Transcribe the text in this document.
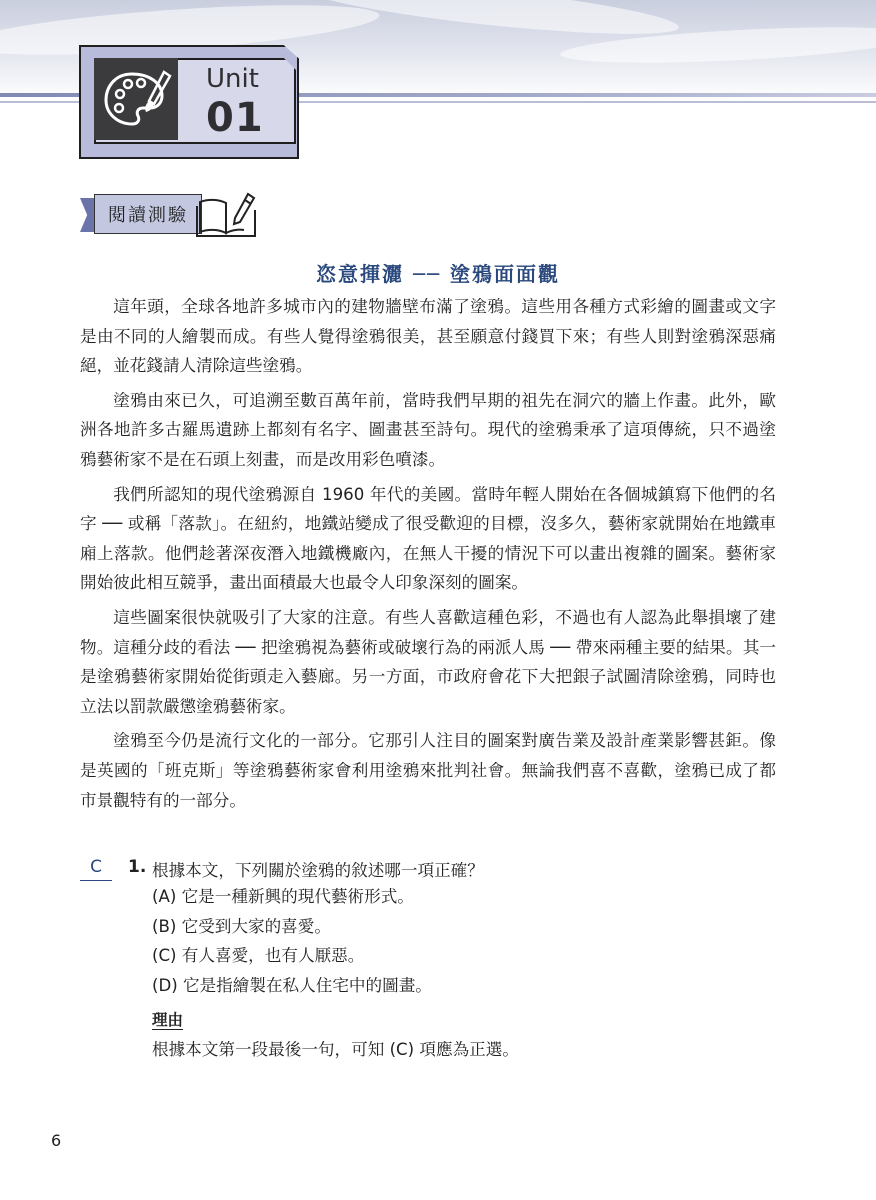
Unit
01
閱讀測驗
恣意揮灑 ── 塗鴉面面觀

這年頭，全球各地許多城市內的建物牆壁布滿了塗鴉。這些用各種方式彩繪的圖畫或文字是由不同的人繪製而成。有些人覺得塗鴉很美，甚至願意付錢買下來；有些人則對塗鴉深惡痛絕，並花錢請人清除這些塗鴉。

塗鴉由來已久，可追溯至數百萬年前，當時我們早期的祖先在洞穴的牆上作畫。此外，歐洲各地許多古羅馬遺跡上都刻有名字、圖畫甚至詩句。現代的塗鴉秉承了這項傳統，只不過塗鴉藝術家不是在石頭上刻畫，而是改用彩色噴漆。

我們所認知的現代塗鴉源自 1960 年代的美國。當時年輕人開始在各個城鎮寫下他們的名字 ── 或稱「落款」。在紐約，地鐵站變成了很受歡迎的目標，沒多久，藝術家就開始在地鐵車廂上落款。他們趁著深夜潛入地鐵機廠內，在無人干擾的情況下可以畫出複雜的圖案。藝術家開始彼此相互競爭，畫出面積最大也最令人印象深刻的圖案。

這些圖案很快就吸引了大家的注意。有些人喜歡這種色彩，不過也有人認為此舉損壞了建物。這種分歧的看法 ── 把塗鴉視為藝術或破壞行為的兩派人馬 ── 帶來兩種主要的結果。其一是塗鴉藝術家開始從街頭走入藝廊。另一方面，市政府會花下大把銀子試圖清除塗鴉，同時也立法以罰款嚴懲塗鴉藝術家。

塗鴉至今仍是流行文化的一部分。它那引人注目的圖案對廣告業及設計產業影響甚鉅。像是英國的「班克斯」等塗鴉藝術家會利用塗鴉來批判社會。無論我們喜不喜歡，塗鴉已成了都市景觀特有的一部分。

C	1. 根據本文，下列關於塗鴉的敘述哪一項正確？
(A) 它是一種新興的現代藝術形式。
(B) 它受到大家的喜愛。
(C) 有人喜愛，也有人厭惡。
(D) 它是指繪製在私人住宅中的圖畫。
理由
根據本文第一段最後一句，可知 (C) 項應為正選。
6
